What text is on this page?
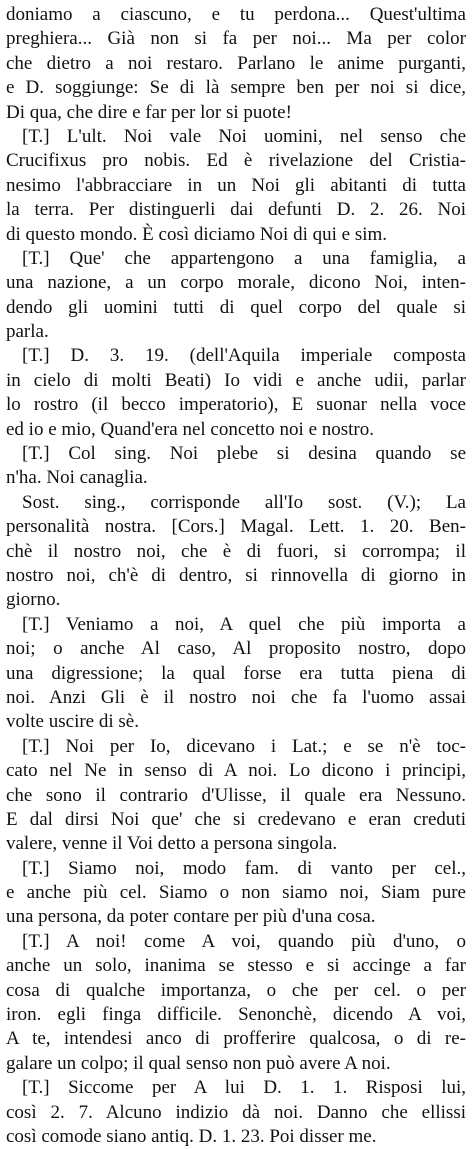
doniamo a ciascuno, e tu perdona... Quest'ultima
preghiera... Già non si fa per noi... Ma per color
che dietro a noi restaro. Parlano le anime purganti,
e D. soggiunge: Se di là sempre ben per noi si dice,
Di qua, che dire e far per lor si puote!
[T.] L'ult. Noi vale Noi uomini, nel senso che
Crucifixus pro nobis. Ed è rivelazione del Cristia-
nesimo l'abbracciare in un Noi gli abitanti di tutta
la terra. Per distinguerli dai defunti D. 2. 26. Noi
di questo mondo. È così diciamo Noi di qui e sim.
[T.] Que' che appartengono a una famiglia, a
una nazione, a un corpo morale, dicono Noi, inten-
dendo gli uomini tutti di quel corpo del quale si
parla.
[T.] D. 3. 19. (dell'Aquila imperiale composta
in cielo di molti Beati) Io vidi e anche udii, parlar
lo rostro (il becco imperatorio), E suonar nella voce
ed io e mio, Quand'era nel concetto noi e nostro.
[T.] Col sing. Noi plebe si desina quando se
n'ha. Noi canaglia.
Sost. sing., corrisponde all'Io sost. (V.); La
personalità nostra. [Cors.] Magal. Lett. 1. 20. Ben-
chè il nostro noi, che è di fuori, si corrompa; il
nostro noi, ch'è di dentro, si rinnovella di giorno in
giorno.
[T.] Veniamo a noi, A quel che più importa a
noi; o anche Al caso, Al proposito nostro, dopo
una digressione; la qual forse era tutta piena di
noi. Anzi Gli è il nostro noi che fa l'uomo assai
volte uscire di sè.
[T.] Noi per Io, dicevano i Lat.; e se n'è toc-
cato nel Ne in senso di A noi. Lo dicono i principi,
che sono il contrario d'Ulisse, il quale era Nessuno.
E dal dirsi Noi que' che si credevano e eran creduti
valere, venne il Voi detto a persona singola.
[T.] Siamo noi, modo fam. di vanto per cel.,
e anche più cel. Siamo o non siamo noi, Siam pure
una persona, da poter contare per più d'una cosa.
[T.] A noi! come A voi, quando più d'uno, o
anche un solo, inanima se stesso e si accinge a far
cosa di qualche importanza, o che per cel. o per
iron. egli finga difficile. Senonchè, dicendo A voi,
A te, intendesi anco di profferire qualcosa, o di re-
galare un colpo; il qual senso non può avere A noi.
[T.] Siccome per A lui D. 1. 1. Risposi lui,
così 2. 7. Alcuno indizio dà noi. Danno che ellissi
così comode siano antiq. D. 1. 23. Poi disser me.
